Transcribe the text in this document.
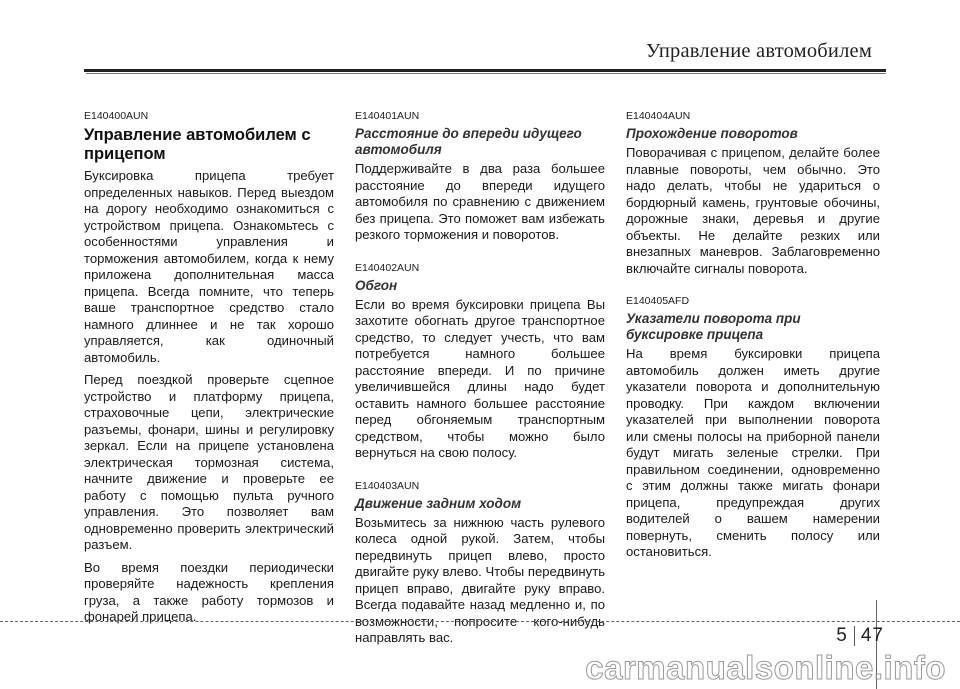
Управление автомобилем
E140400AUN
Управление автомобилем с прицепом
Буксировка прицепа требует определенных навыков. Перед выездом на дорогу необходимо ознакомиться с устройством прицепа. Ознакомьтесь с особенностями управления и торможения автомобилем, когда к нему приложена дополнительная масса прицепа. Всегда помните, что теперь ваше транспортное средство стало намного длиннее и не так хорошо управляется, как одиночный автомобиль.
Перед поездкой проверьте сцепное устройство и платформу прицепа, страховочные цепи, электрические разъемы, фонари, шины и регулировку зеркал. Если на прицепе установлена электрическая тормозная система, начните движение и проверьте ее работу с помощью пульта ручного управления. Это позволяет вам одновременно проверить электрический разъем.
Во время поездки периодически проверяйте надежность крепления груза, а также работу тормозов и фонарей прицепа.
E140401AUN
Расстояние до впереди идущего автомобиля
Поддерживайте в два раза большее расстояние до впереди идущего автомобиля по сравнению с движением без прицепа. Это поможет вам избежать резкого торможения и поворотов.
E140402AUN
Обгон
Если во время буксировки прицепа Вы захотите обогнать другое транспортное средство, то следует учесть, что вам потребуется намного большее расстояние впереди. И по причине увеличившейся длины надо будет оставить намного большее расстояние перед обгоняемым транспортным средством, чтобы можно было вернуться на свою полосу.
E140403AUN
Движение задним ходом
Возьмитесь за нижнюю часть рулевого колеса одной рукой. Затем, чтобы передвинуть прицеп влево, просто двигайте руку влево. Чтобы передвинуть прицеп вправо, двигайте руку вправо. Всегда подавайте назад медленно и, по возможности, попросите кого-нибудь направлять вас.
E140404AUN
Прохождение поворотов
Поворачивая с прицепом, делайте более плавные повороты, чем обычно. Это надо делать, чтобы не удариться о бордюрный камень, грунтовые обочины, дорожные знаки, деревья и другие объекты. Не делайте резких или внезапных маневров. Заблаговременно включайте сигналы поворота.
E140405AFD
Указатели поворота при буксировке прицепа
На время буксировки прицепа автомобиль должен иметь другие указатели поворота и дополнительную проводку. При каждом включении указателей при выполнении поворота или смены полосы на приборной панели будут мигать зеленые стрелки. При правильном соединении, одновременно с этим должны также мигать фонари прицепа, предупреждая других водителей о вашем намерении повернуть, сменить полосу или остановиться.
5 47
carmanualsonline.info
